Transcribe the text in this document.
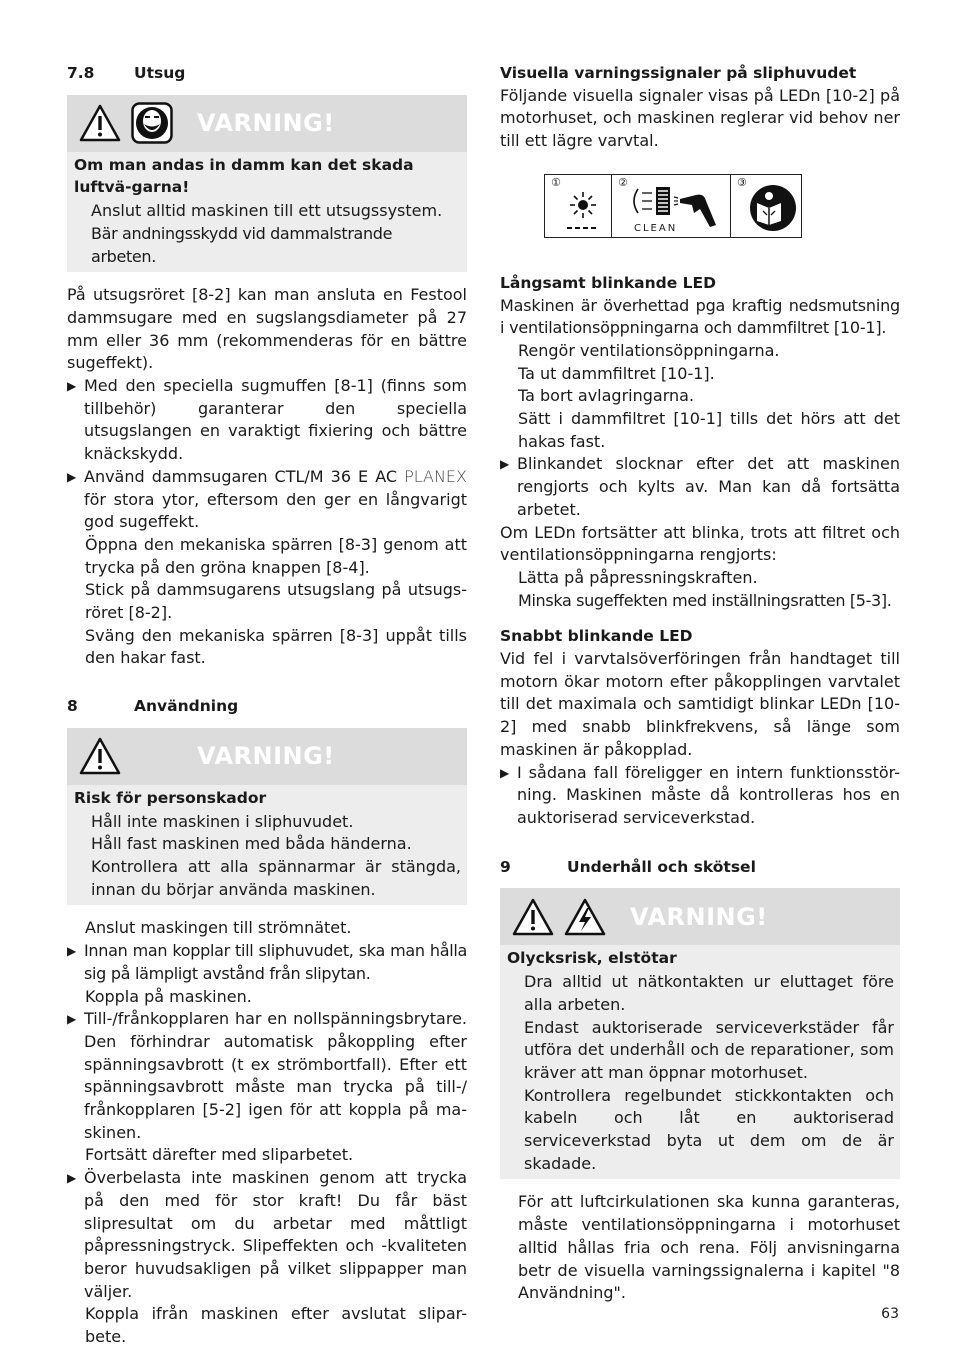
7.8	Utsug
VARNING!

Om man andas in damm kan det skada luftvä-garna!

Anslut alltid maskinen till ett utsugssystem.

Bär andningsskydd vid dammalstrande arbeten.

På utsugsröret [8-2] kan man ansluta en Festool dammsugare med en sugslangsdiameter på 27 mm eller 36 mm (rekommenderas för en bättre sugeffekt).

▶ Med den speciella sugmuffen [8-1] (finns som tillbehör) garanterar den speciella utsugslangen en varaktigt fixiering och bättre knäckskydd.
▶ Använd dammsugaren CTL/M 36 E AC PLANEX för stora ytor, eftersom den ger en långvarigt god sugeffekt.

Öppna den mekaniska spärren [8-3] genom att trycka på den gröna knappen [8-4].

Stick på dammsugarens utsugslang på utsugs-röret [8-2].

Sväng den mekaniska spärren [8-3] uppåt tills den hakar fast.

8	Användning
VARNING!

Risk för personskador

Håll inte maskinen i sliphuvudet.

Håll fast maskinen med båda händerna.

Kontrollera att alla spännarmar är stängda, innan du börjar använda maskinen.

Anslut maskingen till strömnätet.

▶ Innan man kopplar till sliphuvudet, ska man hålla sig på lämpligt avstånd från slipytan.

Koppla på maskinen.

▶ Till-/frånkopplaren har en nollspänningsbrytare. Den förhindrar automatisk påkoppling efter spänningsavbrott (t ex strömbortfall). Efter ett spänningsavbrott måste man trycka på till-/ frånkopplaren [5-2] igen för att koppla på ma-skinen.

Fortsätt därefter med sliparbetet.

▶ Överbelasta inte maskinen genom att trycka på den med för stor kraft! Du får bäst slipresultat om du arbetar med måttligt påpressningstryck. Slipeffekten och -kvaliteten beror huvudsakligen på vilket slippapper man väljer.

Koppla ifrån maskinen efter avslutat slipar-bete.

Visuella varningssignaler på sliphuvudet

Följande visuella signaler visas på LEDn [10-2] på motorhuset, och maskinen reglerar vid behov ner till ett lägre varvtal.

①	②
CLEAN
③

Långsamt blinkande LED

Maskinen är överhettad pga kraftig nedsmutsning i ventilationsöppningarna och dammfiltret [10-1].

Rengör ventilationsöppningarna.

Ta ut dammfiltret [10-1].

Ta bort avlagringarna.

Sätt i dammfiltret [10-1] tills det hörs att det hakas fast.

▶ Blinkandet slocknar efter det att maskinen rengjorts och kylts av. Man kan då fortsätta arbetet.

Om LEDn fortsätter att blinka, trots att filtret och ventilationsöppningarna rengjorts:

Lätta på påpressningskraften.

Minska sugeffekten med inställningsratten [5-3].

Snabbt blinkande LED

Vid fel i varvtalsöverföringen från handtaget till motorn ökar motorn efter påkopplingen varvtalet till det maximala och samtidigt blinkar LEDn [10-2] med snabb blinkfrekvens, så länge som maskinen är påkopplad.

▶ I sådana fall föreligger en intern funktionsstör-ning. Maskinen måste då kontrolleras hos en auktoriserad serviceverkstad.
9	Underhåll och skötsel
VARNING!

Olycksrisk, elstötar

Dra alltid ut nätkontakten ur eluttaget före alla arbeten.

Endast auktoriserade serviceverkstäder får utföra det underhåll och de reparationer, som kräver att man öppnar motorhuset.

Kontrollera regelbundet stickkontakten och kabeln och låt en auktoriserad serviceverkstad byta ut dem om de är skadade.

För att luftcirkulationen ska kunna garanteras, måste ventilationsöppningarna i motorhuset alltid hållas fria och rena. Följ anvisningarna betr de visuella varningssignalerna i kapitel "8 Användning".

63
